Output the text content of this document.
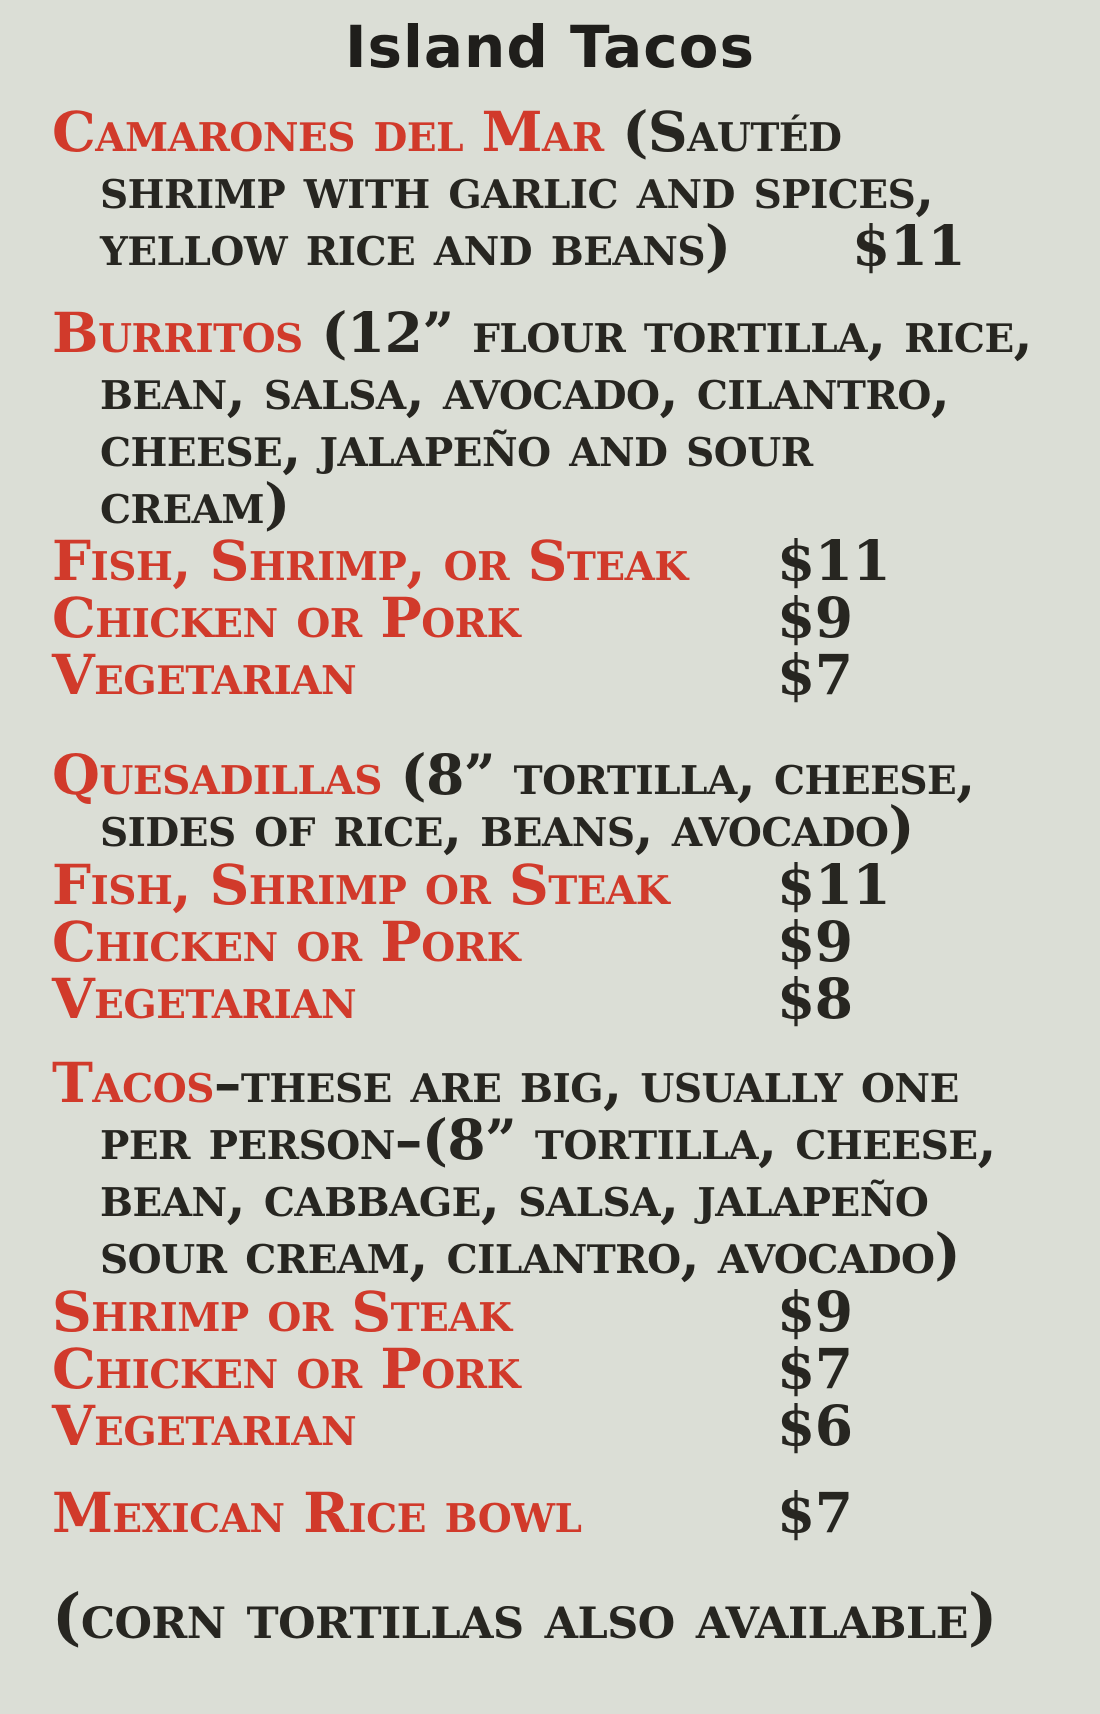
Island Tacos
Camarones del Mar (Sautéd
shrimp with garlic and spices,
yellow rice and beans) $11
Burritos (12” flour tortilla, rice,
bean, salsa, avocado, cilantro,
cheese, jalapeño and sour
cream)
Fish, Shrimp, or Steak $11
Chicken or Pork	$9
Vegetarian	$7
Quesadillas (8” tortilla, cheese,
sides of rice, beans, avocado)
Fish, Shrimp or Steak $11
Chicken or Pork	$9
Vegetarian	$8
Tacos–these are big, usually one
per person–(8” tortilla, cheese,
bean, cabbage, salsa, jalapeño
sour cream, cilantro, avocado)
Shrimp or Steak	$9
Chicken or Pork	$7
Vegetarian	$6
Mexican Rice bowl	$7
(corn tortillas also available)
